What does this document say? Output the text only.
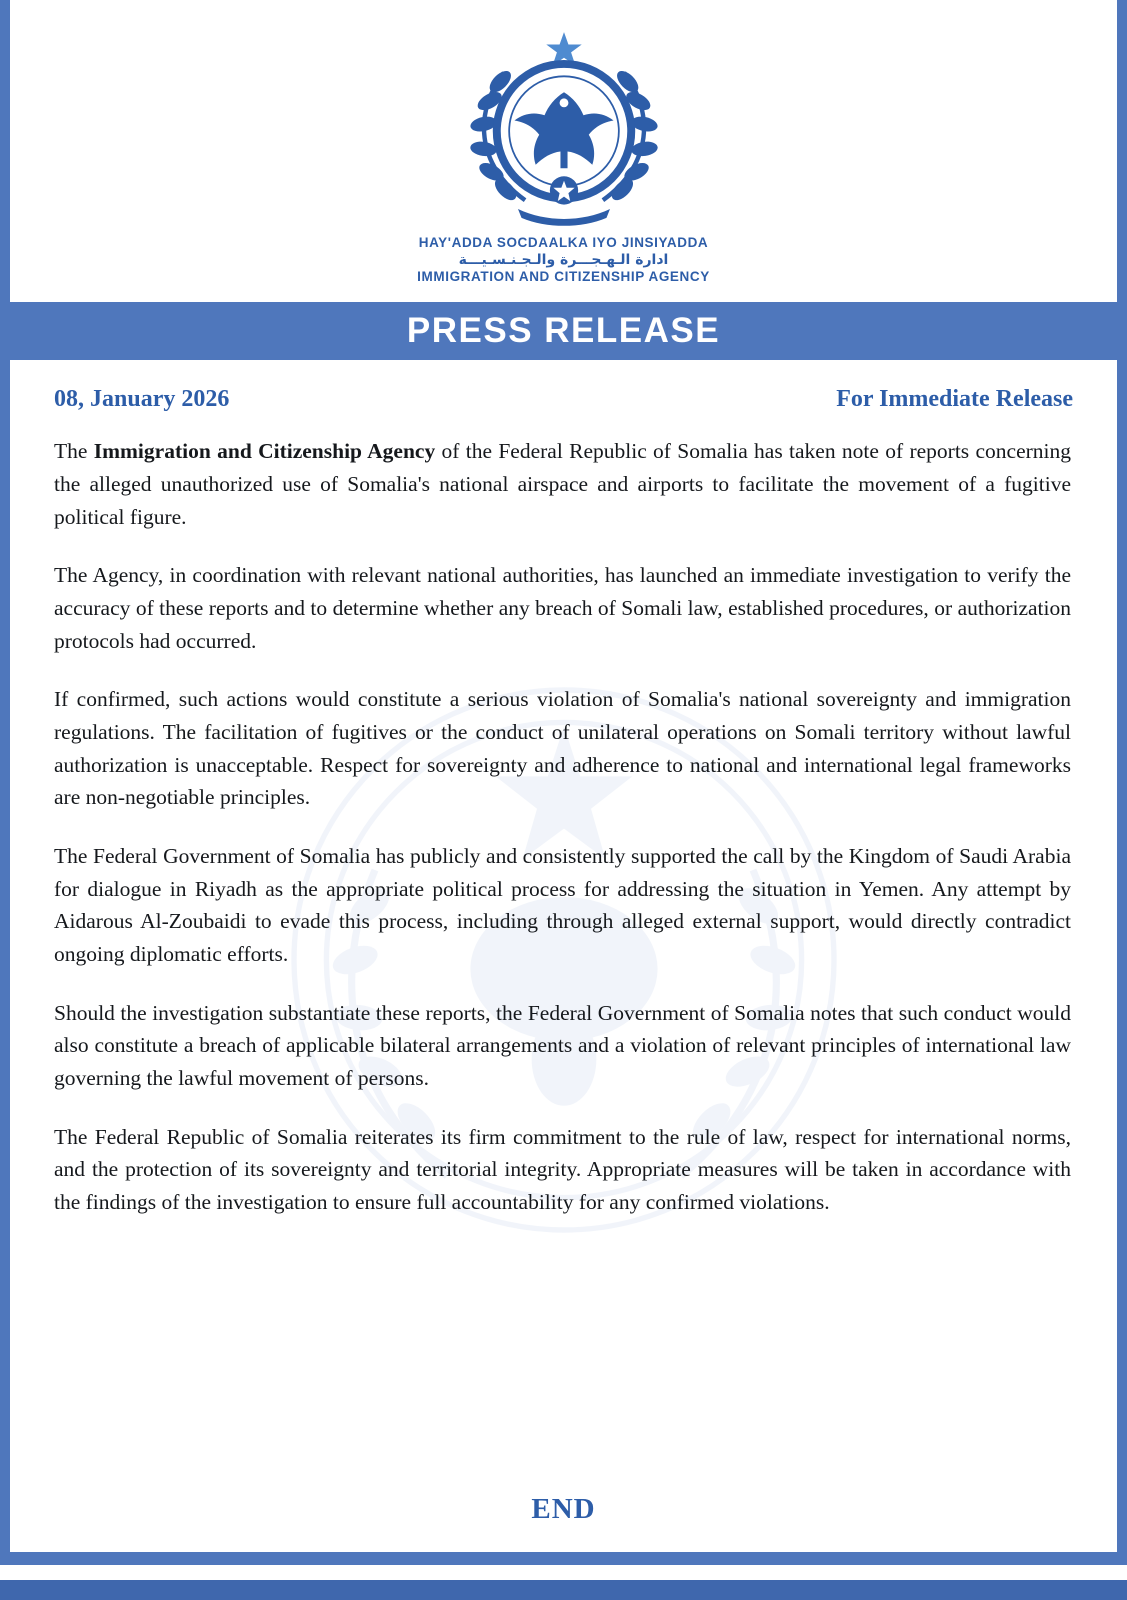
HAY'ADDA SOCDAALKA IYO JINSIYADDA
ادارة الـهـجـــرة والـجـنـسـيـــة
IMMIGRATION AND CITIZENSHIP AGENCY
PRESS RELEASE
08, January 2026	For Immediate Release

The Immigration and Citizenship Agency of the Federal Republic of Somalia has taken note of reports concerning the alleged unauthorized use of Somalia's national airspace and airports to facilitate the movement of a fugitive political figure.

The Agency, in coordination with relevant national authorities, has launched an immediate investigation to verify the accuracy of these reports and to determine whether any breach of Somali law, established procedures, or authorization protocols had occurred.

If confirmed, such actions would constitute a serious violation of Somalia's national sovereignty and immigration regulations. The facilitation of fugitives or the conduct of unilateral operations on Somali territory without lawful authorization is unacceptable. Respect for sovereignty and adherence to national and international legal frameworks are non-negotiable principles.

The Federal Government of Somalia has publicly and consistently supported the call by the Kingdom of Saudi Arabia for dialogue in Riyadh as the appropriate political process for addressing the situation in Yemen. Any attempt by Aidarous Al-Zoubaidi to evade this process, including through alleged external support, would directly contradict ongoing diplomatic efforts.

Should the investigation substantiate these reports, the Federal Government of Somalia notes that such conduct would also constitute a breach of applicable bilateral arrangements and a violation of relevant principles of international law governing the lawful movement of persons.

The Federal Republic of Somalia reiterates its firm commitment to the rule of law, respect for international norms, and the protection of its sovereignty and territorial integrity. Appropriate measures will be taken in accordance with the findings of the investigation to ensure full accountability for any confirmed violations.

END
